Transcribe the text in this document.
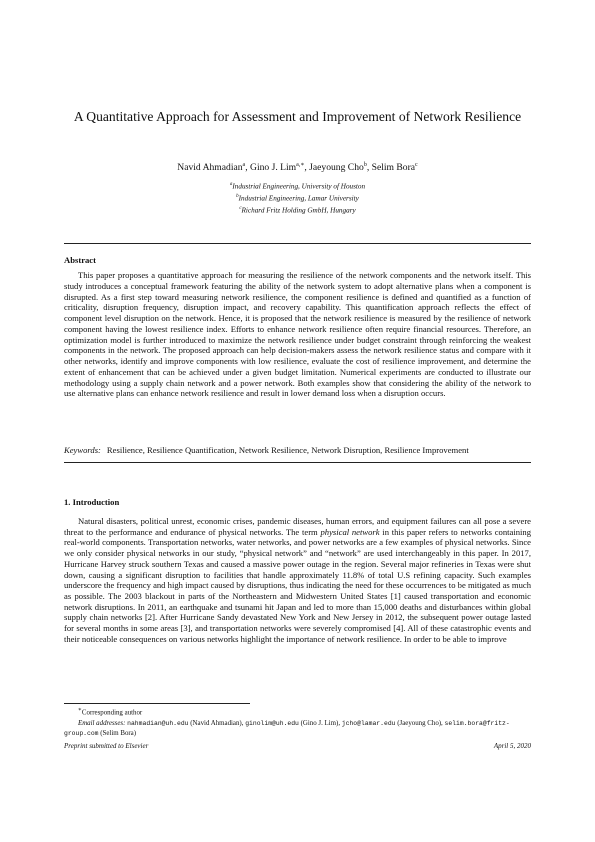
A Quantitative Approach for Assessment and Improvement of Network Resilience
Navid Ahmadian$^a$, Gino J. Lim$^{a,∗}$, Jaeyoung Cho$^b$, Selim Bora$^c$
$^a$Industrial Engineering, University of Houston
$^b$Industrial Engineering, Lamar University
$^c$Richard Fritz Holding GmbH, Hungary
Abstract

This paper proposes a quantitative approach for measuring the resilience of the network components and the network itself. This study introduces a conceptual framework featuring the ability of the network system to adopt alternative plans when a component is disrupted. As a first step toward measuring network resilience, the component resilience is defined and quantified as a function of criticality, disruption frequency, disruption impact, and recovery capability. This quantification approach reflects the effect of component level disruption on the network. Hence, it is proposed that the network resilience is measured by the resilience of network component having the lowest resilience index. Efforts to enhance network resilience often require financial resources. Therefore, an optimization model is further introduced to maximize the network resilience under budget constraint through reinforcing the weakest components in the network. The proposed approach can help decision-makers assess the network resilience status and compare with it other networks, identify and improve components with low resilience, evaluate the cost of resilience improvement, and determine the extent of enhancement that can be achieved under a given budget limitation. Numerical experiments are conducted to illustrate our methodology using a supply chain network and a power network. Both examples show that considering the ability of the network to use alternative plans can enhance network resilience and result in lower demand loss when a disruption occurs.

Keywords: Resilience, Resilience Quantification, Network Resilience, Network Disruption, Resilience Improvement
1. Introduction

Natural disasters, political unrest, economic crises, pandemic diseases, human errors, and equipment failures can all pose a severe threat to the performance and endurance of physical networks. The term physical network in this paper refers to networks containing real-world components. Transportation networks, water networks, and power networks are a few examples of physical networks. Since we only consider physical networks in our study, “physical network” and “network” are used interchangeably in this paper. In 2017, Hurricane Harvey struck southern Texas and caused a massive power outage in the region. Several major refineries in Texas were shut down, causing a significant disruption to facilities that handle approximately 11.8% of total U.S refining capacity. Such examples underscore the frequency and high impact caused by disruptions, thus indicating the need for these occurrences to be mitigated as much as possible. The 2003 blackout in parts of the Northeastern and Midwestern United States [1] caused transportation and economic network disruptions. In 2011, an earthquake and tsunami hit Japan and led to more than 15,000 deaths and disturbances within global supply chain networks [2]. After Hurricane Sandy devastated New York and New Jersey in 2012, the subsequent power outage lasted for several months in some areas [3], and transportation networks were severely compromised [4]. All of these catastrophic events and their noticeable consequences on various networks highlight the importance of network resilience. In order to be able to improve

∗Corresponding author
Email addresses: nahmadian@uh.edu (Navid Ahmadian), ginolim@uh.edu (Gino J. Lim), jcho@lamar.edu (Jaeyoung Cho), selim.bora@fritz-group.com (Selim Bora)
Preprint submitted to Elsevier	April 5, 2020
